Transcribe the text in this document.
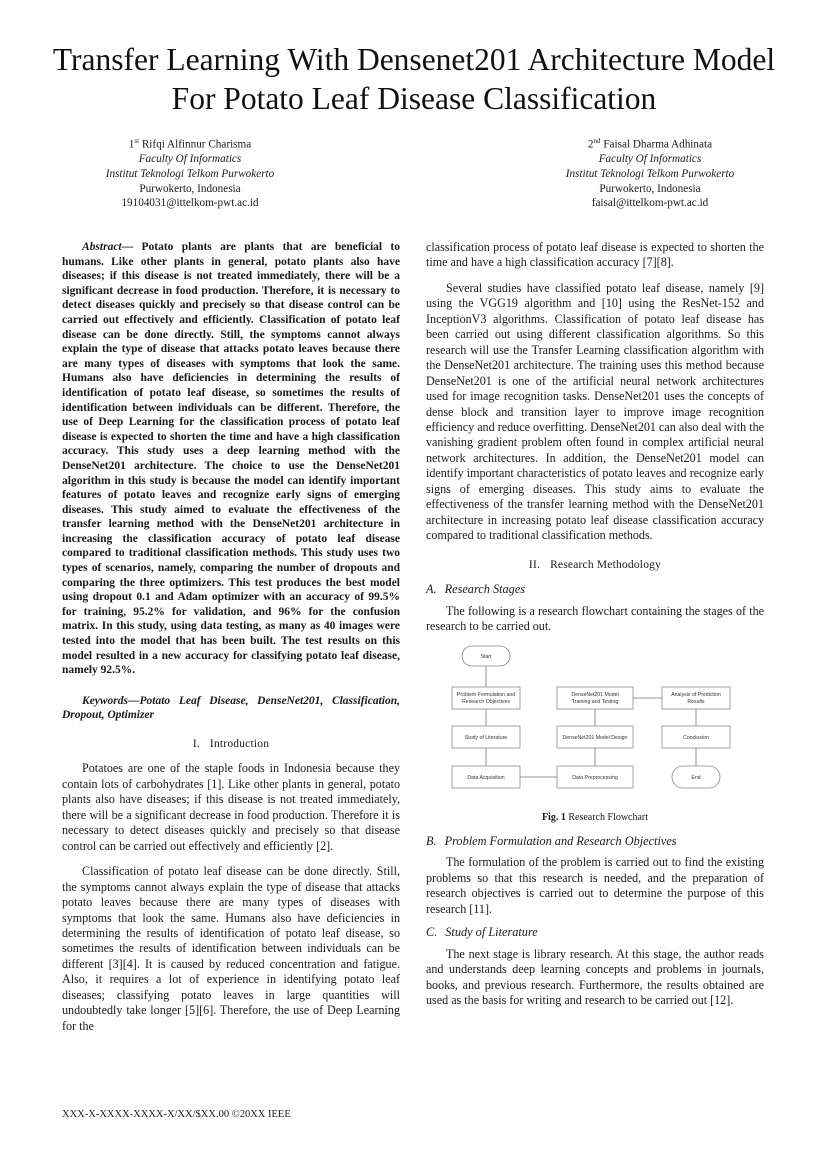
Transfer Learning With Densenet201 Architecture Model For Potato Leaf Disease Classification
1st Rifqi Alfinnur Charisma
Faculty Of Informatics
Institut Teknologi Telkom Purwokerto
Purwokerto, Indonesia
19104031@ittelkom-pwt.ac.id
2nd Faisal Dharma Adhinata
Faculty Of Informatics
Institut Teknologi Telkom Purwokerto
Purwokerto, Indonesia
faisal@ittelkom-pwt.ac.id

Abstract— Potato plants are plants that are beneficial to humans. Like other plants in general, potato plants also have diseases; if this disease is not treated immediately, there will be a significant decrease in food production. Therefore, it is necessary to detect diseases quickly and precisely so that disease control can be carried out effectively and efficiently. Classification of potato leaf disease can be done directly. Still, the symptoms cannot always explain the type of disease that attacks potato leaves because there are many types of diseases with symptoms that look the same. Humans also have deficiencies in determining the results of identification of potato leaf disease, so sometimes the results of identification between individuals can be different. Therefore, the use of Deep Learning for the classification process of potato leaf disease is expected to shorten the time and have a high classification accuracy. This study uses a deep learning method with the DenseNet201 architecture. The choice to use the DenseNet201 algorithm in this study is because the model can identify important features of potato leaves and recognize early signs of emerging diseases. This study aimed to evaluate the effectiveness of the transfer learning method with the DenseNet201 architecture in increasing the classification accuracy of potato leaf disease compared to traditional classification methods. This study uses two types of scenarios, namely, comparing the number of dropouts and comparing the three optimizers. This test produces the best model using dropout 0.1 and Adam optimizer with an accuracy of 99.5% for training, 95.2% for validation, and 96% for the confusion matrix. In this study, using data testing, as many as 40 images were tested into the model that has been built. The test results on this model resulted in a new accuracy for classifying potato leaf disease, namely 92.5%.

Keywords—Potato Leaf Disease, DenseNet201, Classification, Dropout, Optimizer

I. Introduction

Potatoes are one of the staple foods in Indonesia because they contain lots of carbohydrates [1]. Like other plants in general, potato plants also have diseases; if this disease is not treated immediately, there will be a significant decrease in food production. Therefore it is necessary to detect diseases quickly and precisely so that disease control can be carried out effectively and efficiently [2].

Classification of potato leaf disease can be done directly. Still, the symptoms cannot always explain the type of disease that attacks potato leaves because there are many types of diseases with symptoms that look the same. Humans also have deficiencies in determining the results of identification of potato leaf disease, so sometimes the results of identification between individuals can be different [3][4]. It is caused by reduced concentration and fatigue. Also, it requires a lot of experience in identifying potato leaf diseases; classifying potato leaves in large quantities will undoubtedly take longer [5][6]. Therefore, the use of Deep Learning for the

classification process of potato leaf disease is expected to shorten the time and have a high classification accuracy [7][8].

Several studies have classified potato leaf disease, namely [9] using the VGG19 algorithm and [10] using the ResNet-152 and InceptionV3 algorithms. Classification of potato leaf disease has been carried out using different classification algorithms. So this research will use the Transfer Learning classification algorithm with the DenseNet201 architecture. The training uses this method because DenseNet201 is one of the artificial neural network architectures used for image recognition tasks. DenseNet201 uses the concepts of dense block and transition layer to improve image recognition efficiency and reduce overfitting. DenseNet201 can also deal with the vanishing gradient problem often found in complex artificial neural network architectures. In addition, the DenseNet201 model can identify important characteristics of potato leaves and recognize early signs of emerging diseases. This study aims to evaluate the effectiveness of the transfer learning method with the DenseNet201 architecture in increasing potato leaf disease classification accuracy compared to traditional classification methods.

II. Research Methodology
A. Research Stages

The following is a research flowchart containing the stages of the research to be carried out.

Start
Problem Formulation and
Research Objectives
Study of Literature
Data Acquisition	Data Preprocessing
DenseNet201 Model Design
DenseNet201 Model
Training and Testing
Analysis of Prediction
Results
Conclusion
End
Fig. 1 Research Flowchart
B. Problem Formulation and Research Objectives

The formulation of the problem is carried out to find the existing problems so that this research is needed, and the preparation of research objectives is carried out to determine the purpose of this research [11].

C. Study of Literature

The next stage is library research. At this stage, the author reads and understands deep learning concepts and problems in journals, books, and previous research. Furthermore, the results obtained are used as the basis for writing and research to be carried out [12].

XXX-X-XXXX-XXXX-X/XX/$XX.00 ©20XX IEEE
